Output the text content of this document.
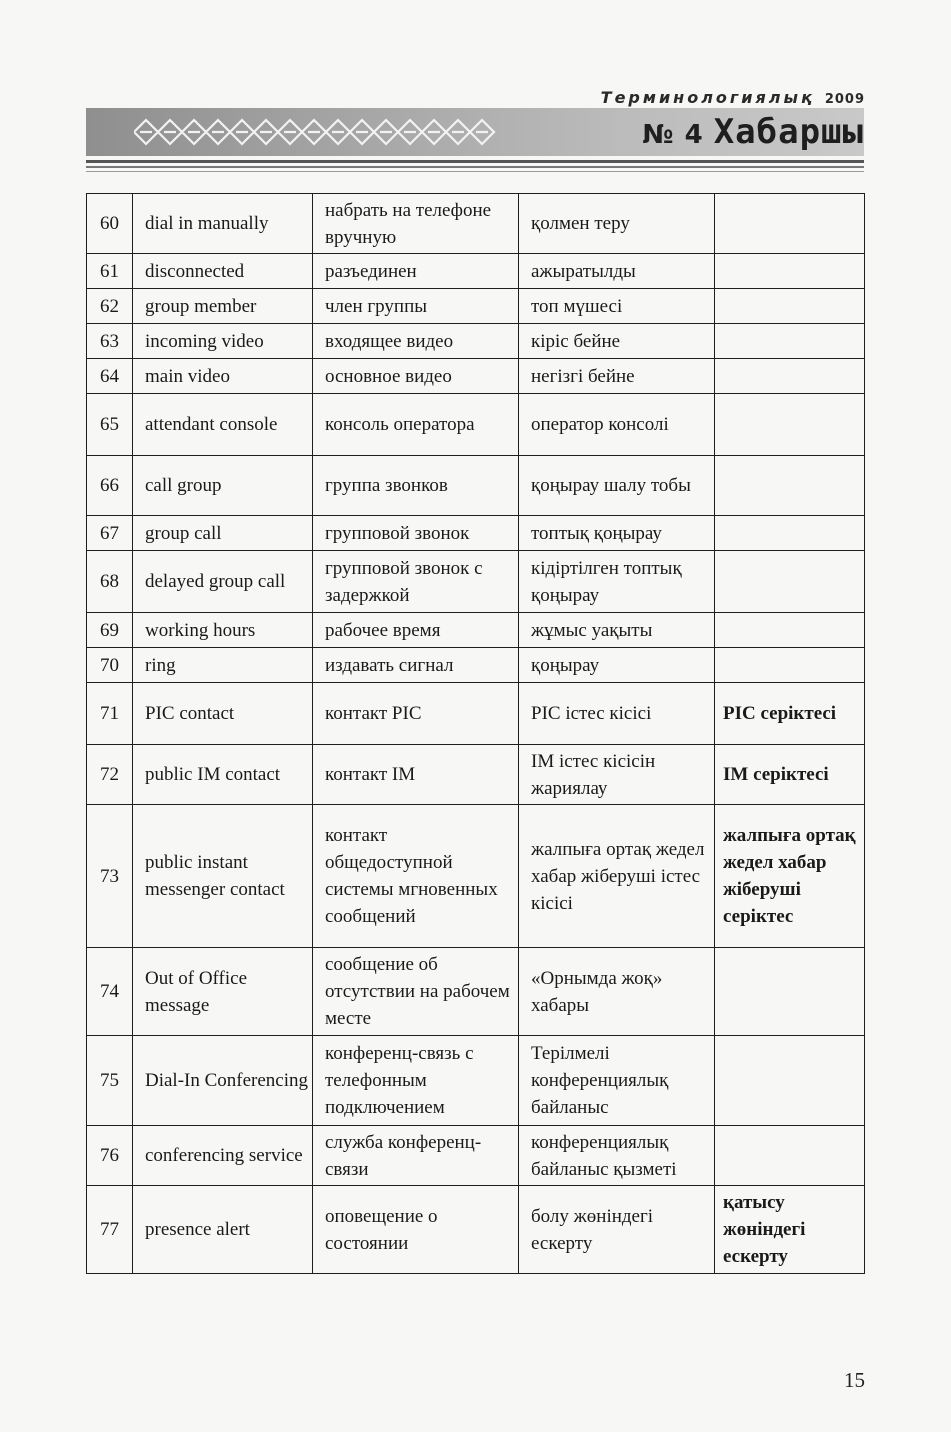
Терминологиялық 2009
№ 4 Хабаршы
60	dial in manually	набрать на телефоне вручную	қолмен теру	
61	disconnected	разъединен	ажыратылды	
62	group member	член группы	топ мүшесі	
63	incoming video	входящее видео	кіріс бейне	
64	main video	основное видео	негізгі бейне	
65	attendant console	консоль оператора	оператор консолі	
66	call group	группа звонков	қоңырау шалу тобы	
67	group call	групповой звонок	топтық қоңырау	
68	delayed group call	групповой звонок с задержкой	кідіртілген топтық қоңырау	
69	working hours	рабочее время	жұмыс уақыты	
70	ring	издавать сигнал	қоңырау	
71	PIC contact	контакт PIC	PIC істес кісісі	PIC серіктесі
72	public IM contact	контакт IM	IM істес кісісін жариялау	IM серіктесі
73	public instant messenger contact	контакт общедоступной системы мгновенных сообщений	жалпыға ортақ жедел хабар жіберуші істес кісісі	жалпыға ортақ жедел хабар жіберуші серіктес
74	Out of Office message	сообщение об отсутствии на рабочем месте	«Орнымда жоқ» хабары	
75	Dial-In Conferencing	конференц-связь с телефонным подключением	Терілмелі конференциялық байланыс	
76	conferencing service	служба конференц-связи	конференциялық байланыс қызметі	
77	presence alert	оповещение о состоянии	болу жөніндегі ескерту	қатысу жөніндегі ескерту
15
